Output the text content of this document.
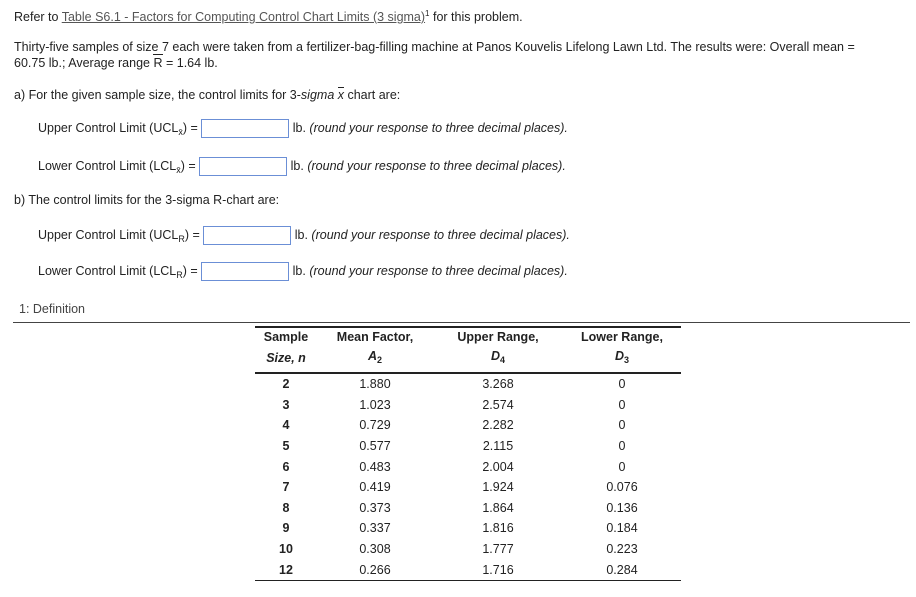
Refer to Table S6.1 - Factors for Computing Control Chart Limits (3 sigma)$^1$ for this problem.
Thirty-five samples of size 7 each were taken from a fertilizer-bag-filling machine at Panos Kouvelis Lifelong Lawn Ltd. The results were: Overall mean =
60.75 lb.; Average range R = 1.64 lb.
a) For the given sample size, the control limits for 3-sigma x chart are:
Upper Control Limit $(UCL_{x̄})$ =	lb. (round your response to three decimal places).
Lower Control Limit $(LCL_{x̄})$ =	lb. (round your response to three decimal places).
b) The control limits for the 3-sigma R-chart are:
Upper Control Limit $(UCL_R)$ =	lb. (round your response to three decimal places).
Lower Control Limit $(LCL_R)$ =	lb. (round your response to three decimal places).
1: Definition
Sample	Mean Factor,	Upper Range,	Lower Range,
Size, n	$A_2$	$D_4$	$D_3$
2	1.880	3.268	0
3	1.023	2.574	0
4	0.729	2.282	0
5	0.577	2.115	0
6	0.483	2.004	0
7	0.419	1.924	0.076
8	0.373	1.864	0.136
9	0.337	1.816	0.184
10	0.308	1.777	0.223
12	0.266	1.716	0.284
